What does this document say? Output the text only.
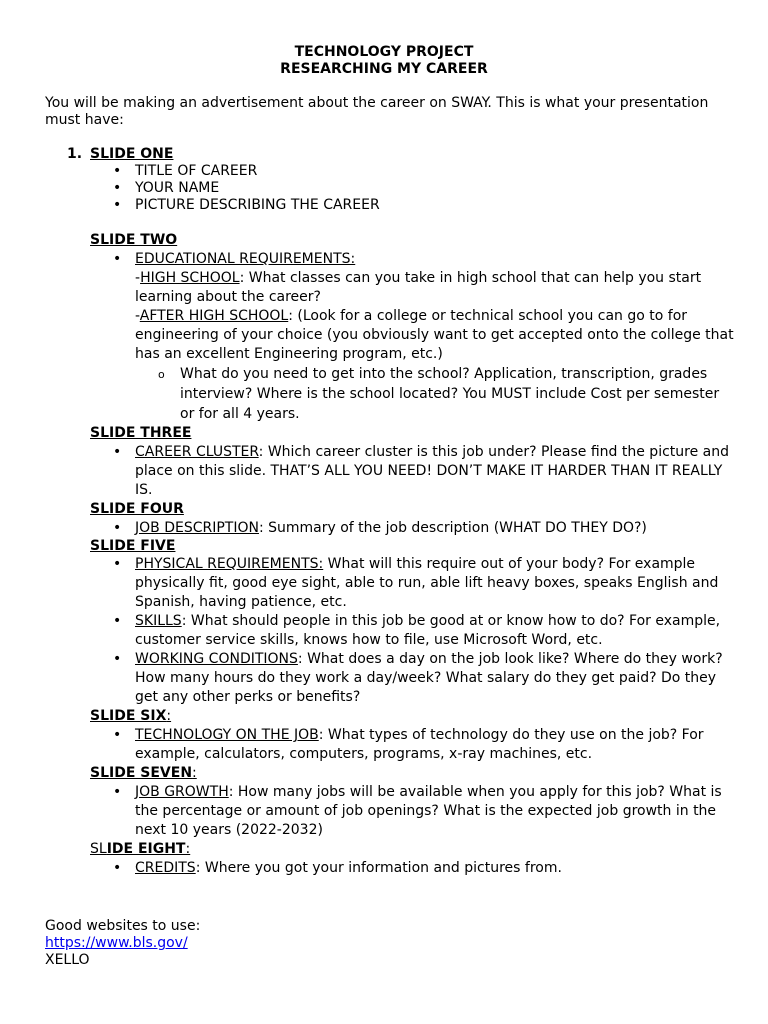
TECHNOLOGY PROJECT
RESEARCHING MY CAREER
You will be making an advertisement about the career on SWAY. This is what your presentation must have:
1. SLIDE ONE
• TITLE OF CAREER
• YOUR NAME
• PICTURE DESCRIBING THE CAREER
SLIDE TWO
• EDUCATIONAL REQUIREMENTS:
-HIGH SCHOOL: What classes can you take in high school that can help you start learning about the career?
-AFTER HIGH SCHOOL: (Look for a college or technical school you can go to for engineering of your choice (you obviously want to get accepted onto the college that has an excellent Engineering program, etc.)
o What do you need to get into the school? Application, transcription, grades interview? Where is the school located? You MUST include Cost per semester or for all 4 years.
SLIDE THREE
• CAREER CLUSTER: Which career cluster is this job under? Please find the picture and place on this slide. THAT’S ALL YOU NEED! DON’T MAKE IT HARDER THAN IT REALLY IS.
SLIDE FOUR
• JOB DESCRIPTION: Summary of the job description (WHAT DO THEY DO?)
SLIDE FIVE
• PHYSICAL REQUIREMENTS: What will this require out of your body? For example physically fit, good eye sight, able to run, able lift heavy boxes, speaks English and Spanish, having patience, etc.
• SKILLS: What should people in this job be good at or know how to do? For example, customer service skills, knows how to file, use Microsoft Word, etc.
• WORKING CONDITIONS: What does a day on the job look like? Where do they work? How many hours do they work a day/week? What salary do they get paid? Do they get any other perks or benefits?
SLIDE SIX:
• TECHNOLOGY ON THE JOB: What types of technology do they use on the job? For example, calculators, computers, programs, x-ray machines, etc.
SLIDE SEVEN:
• JOB GROWTH: How many jobs will be available when you apply for this job? What is the percentage or amount of job openings? What is the expected job growth in the next 10 years (2022-2032)
SLIDE EIGHT:
• CREDITS: Where you got your information and pictures from.
Good websites to use:
https://www.bls.gov/
XELLO
